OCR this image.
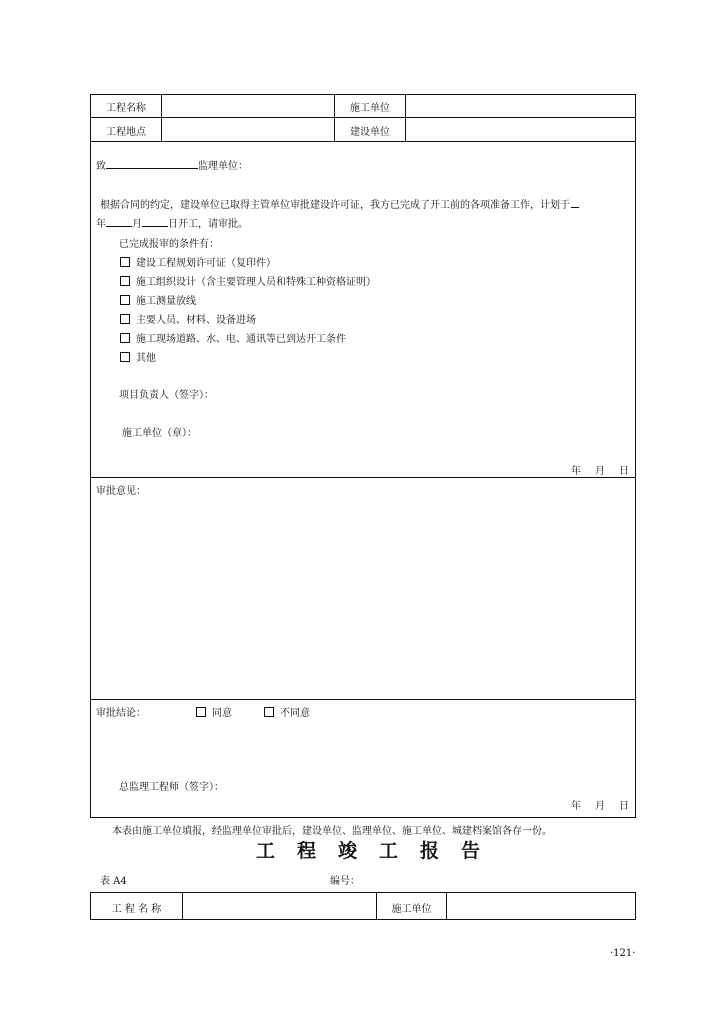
工程名称	施工单位
工程地点	建设单位
致	监理单位：
根据合同的约定，建设单位已取得主管单位审批建设许可证，我方已完成了开工前的各项准备工作，计划于
年	月	日开工，请审批。
已完成报审的条件有：
建设工程规划许可证（复印件）
施工组织设计（含主要管理人员和特殊工种资格证明）
施工测量放线
主要人员、材料、设备进场
施工现场道路、水、电、通讯等已到达开工条件
其他
项目负责人（签字）：
施工单位（章）：
年 月 日
审批意见：
审批结论：	同意	不同意
总监理工程师（签字）：
年 月 日
本表由施工单位填报，经监理单位审批后，建设单位、监理单位、施工单位、城建档案馆各存一份。
工程竣工报告
表 A4	编号：
工 程 名 称	施工单位
·121·
